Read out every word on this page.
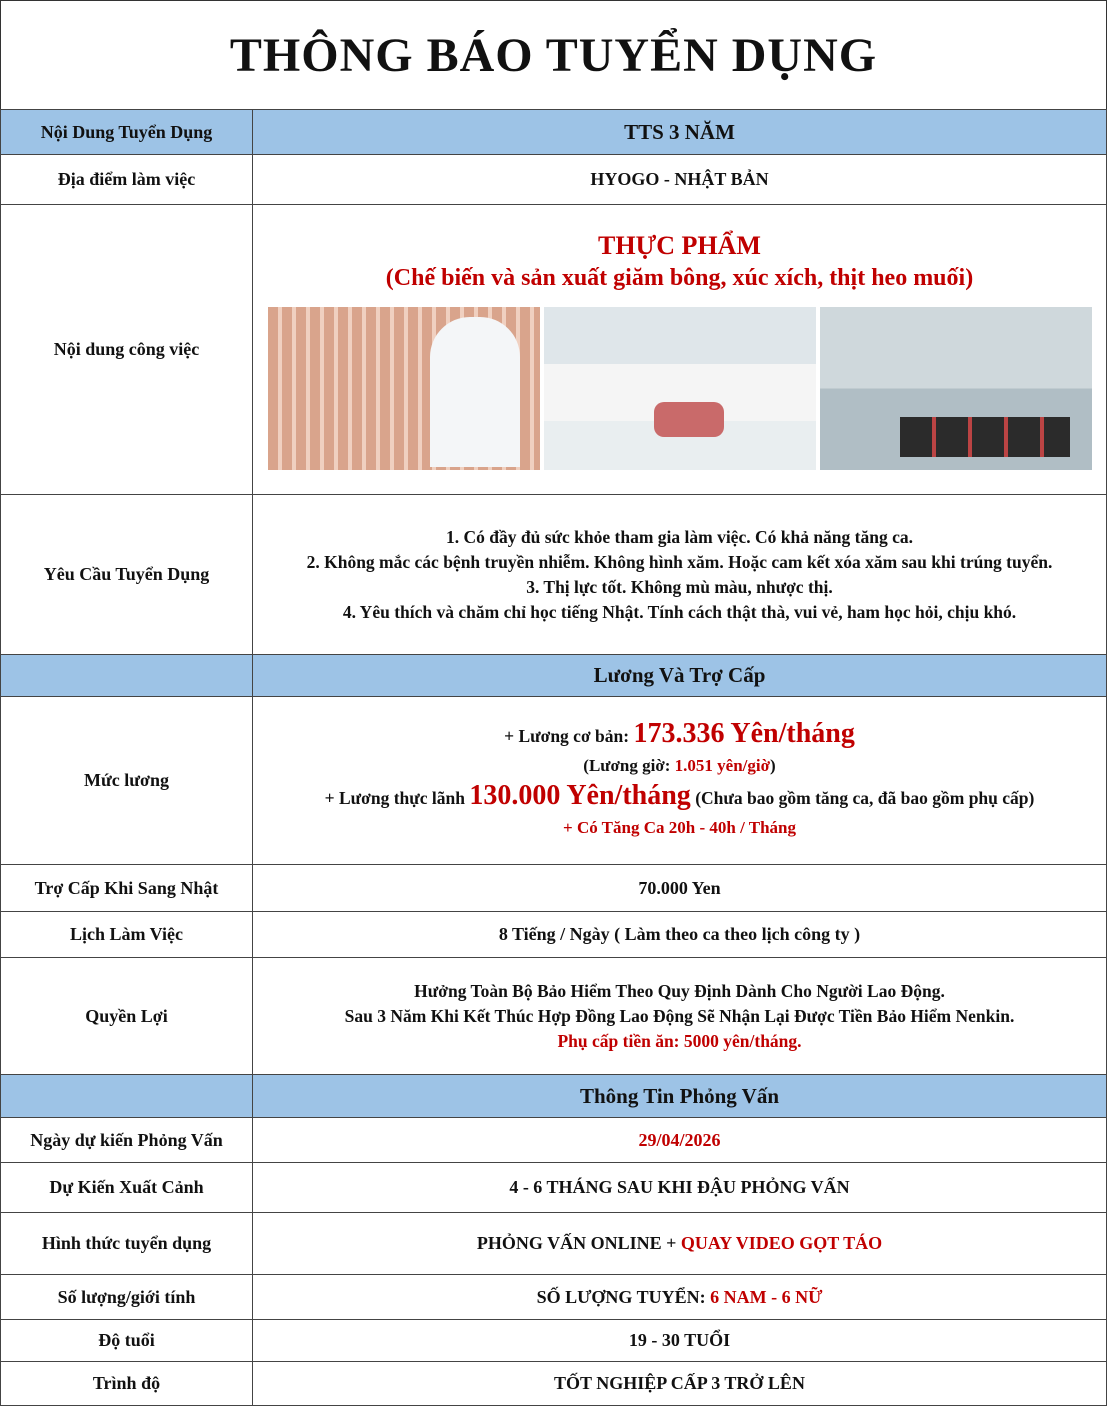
THÔNG BÁO TUYỂN DỤNG
Nội Dung Tuyển Dụng	TTS 3 NĂM
Địa điểm làm việc	HYOGO - NHẬT BẢN
Nội dung công việc	THỰC PHẨM
(Chế biến và sản xuất giăm bông, xúc xích, thịt heo muối)

Yêu Cầu Tuyển Dụng	1. Có đầy đủ sức khỏe tham gia làm việc. Có khả năng tăng ca.
2. Không mắc các bệnh truyền nhiễm. Không hình xăm. Hoặc cam kết xóa xăm sau khi trúng tuyển.
3. Thị lực tốt. Không mù màu, nhược thị.
4. Yêu thích và chăm chỉ học tiếng Nhật. Tính cách thật thà, vui vẻ, ham học hỏi, chịu khó.

	Lương Và Trợ Cấp
Mức lương	+ Lương cơ bản: 173.336 Yên/tháng
(Lương giờ: 1.051 yên/giờ)
+ Lương thực lãnh 130.000 Yên/tháng (Chưa bao gồm tăng ca, đã bao gồm phụ cấp)
+ Có Tăng Ca 20h - 40h / Tháng

Trợ Cấp Khi Sang Nhật	70.000 Yen
Lịch Làm Việc	8 Tiếng / Ngày ( Làm theo ca theo lịch công ty )
Quyền Lợi	Hưởng Toàn Bộ Bảo Hiểm Theo Quy Định Dành Cho Người Lao Động.
Sau 3 Năm Khi Kết Thúc Hợp Đồng Lao Động Sẽ Nhận Lại Được Tiền Bảo Hiểm Nenkin.
Phụ cấp tiền ăn: 5000 yên/tháng.

	Thông Tin Phỏng Vấn
Ngày dự kiến Phỏng Vấn	29/04/2026
Dự Kiến Xuất Cảnh	4 - 6 THÁNG SAU KHI ĐẬU PHỎNG VẤN
Hình thức tuyển dụng	PHỎNG VẤN ONLINE + QUAY VIDEO GỌT TÁO
Số lượng/giới tính	SỐ LƯỢNG TUYỂN: 6 NAM - 6 NỮ
Độ tuổi	19 - 30 TUỔI
Trình độ	TỐT NGHIỆP CẤP 3 TRỞ LÊN
